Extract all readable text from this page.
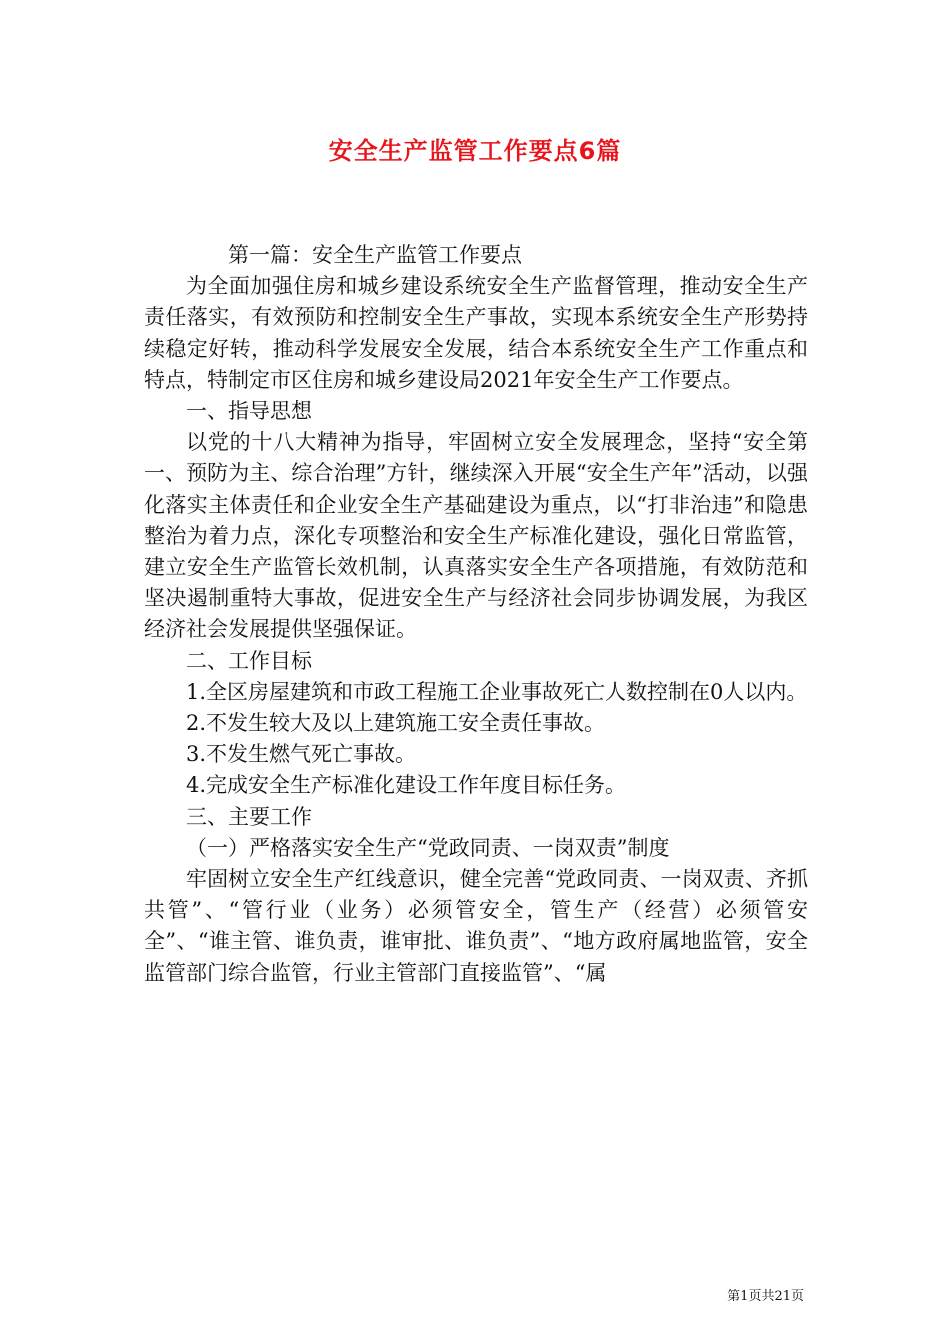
安全生产监管工作要点6篇

第一篇：安全生产监管工作要点

为全面加强住房和城乡建设系统安全生产监督管理，推动安全生产责任落实，有效预防和控制安全生产事故，实现本系统安全生产形势持续稳定好转，推动科学发展安全发展，结合本系统安全生产工作重点和特点，特制定市区住房和城乡建设局2021年安全生产工作要点。

一、指导思想

以党的十八大精神为指导，牢固树立安全发展理念，坚持“安全第一、预防为主、综合治理”方针，继续深入开展“安全生产年”活动，以强化落实主体责任和企业安全生产基础建设为重点，以“打非治违”和隐患整治为着力点，深化专项整治和安全生产标准化建设，强化日常监管，建立安全生产监管长效机制，认真落实安全生产各项措施，有效防范和坚决遏制重特大事故，促进安全生产与经济社会同步协调发展，为我区经济社会发展提供坚强保证。

二、工作目标

1.全区房屋建筑和市政工程施工企业事故死亡人数控制在0人以内。

2.不发生较大及以上建筑施工安全责任事故。

3.不发生燃气死亡事故。

4.完成安全生产标准化建设工作年度目标任务。

三、主要工作

（一）严格落实安全生产“党政同责、一岗双责”制度

牢固树立安全生产红线意识，健全完善“党政同责、一岗双责、齐抓共管”、“管行业（业务）必须管安全，管生产（经营）必须管安全”、“谁主管、谁负责，谁审批、谁负责”、“地方政府属地监管，安全监管部门综合监管，行业主管部门直接监管”、“属

第1页共21页
